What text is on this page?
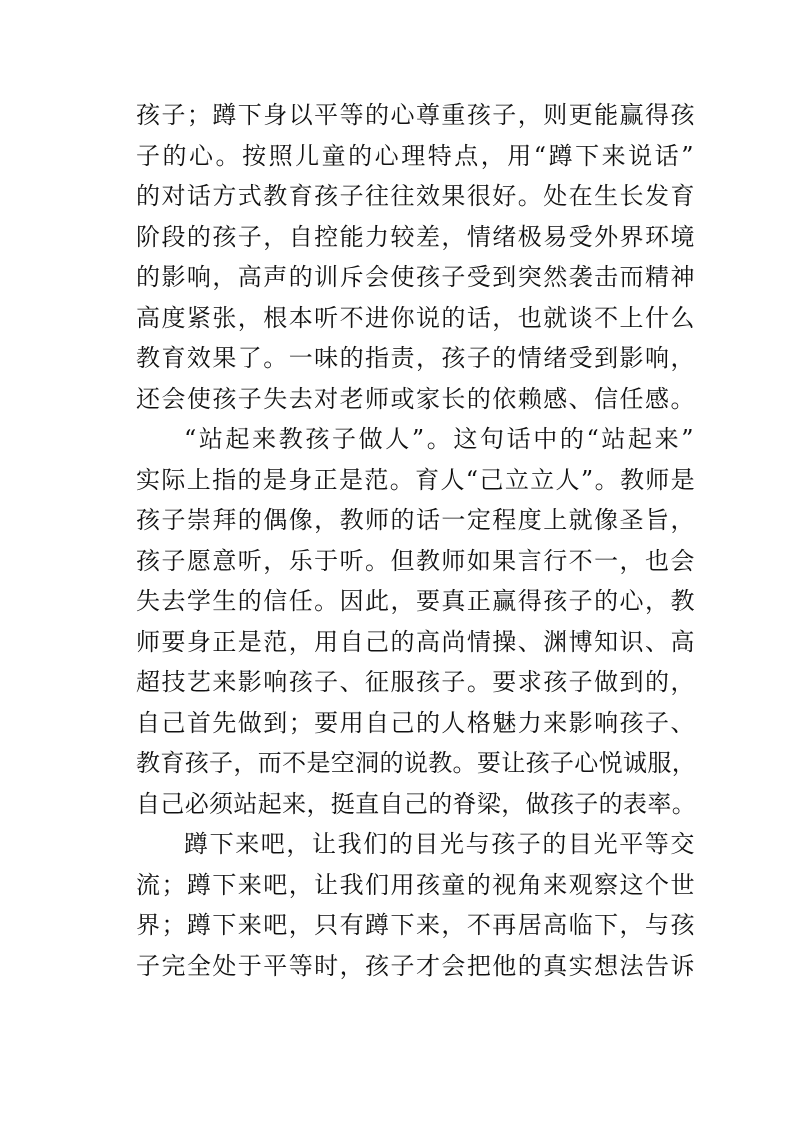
孩子；蹲下身以平等的心尊重孩子，则更能赢得孩
子的心。按照儿童的心理特点，用“蹲下来说话”
的对话方式教育孩子往往效果很好。处在生长发育
阶段的孩子，自控能力较差，情绪极易受外界环境
的影响，高声的训斥会使孩子受到突然袭击而精神
高度紧张，根本听不进你说的话，也就谈不上什么
教育效果了。一味的指责，孩子的情绪受到影响，
还会使孩子失去对老师或家长的依赖感、信任感。
“站起来教孩子做人”。这句话中的“站起来”
实际上指的是身正是范。育人“己立立人”。教师是
孩子崇拜的偶像，教师的话一定程度上就像圣旨，
孩子愿意听，乐于听。但教师如果言行不一，也会
失去学生的信任。因此，要真正赢得孩子的心，教
师要身正是范，用自己的高尚情操、渊博知识、高
超技艺来影响孩子、征服孩子。要求孩子做到的，
自己首先做到；要用自己的人格魅力来影响孩子、
教育孩子，而不是空洞的说教。要让孩子心悦诚服，
自己必须站起来，挺直自己的脊梁，做孩子的表率。
蹲下来吧，让我们的目光与孩子的目光平等交
流；蹲下来吧，让我们用孩童的视角来观察这个世
界；蹲下来吧，只有蹲下来，不再居高临下，与孩
子完全处于平等时，孩子才会把他的真实想法告诉
